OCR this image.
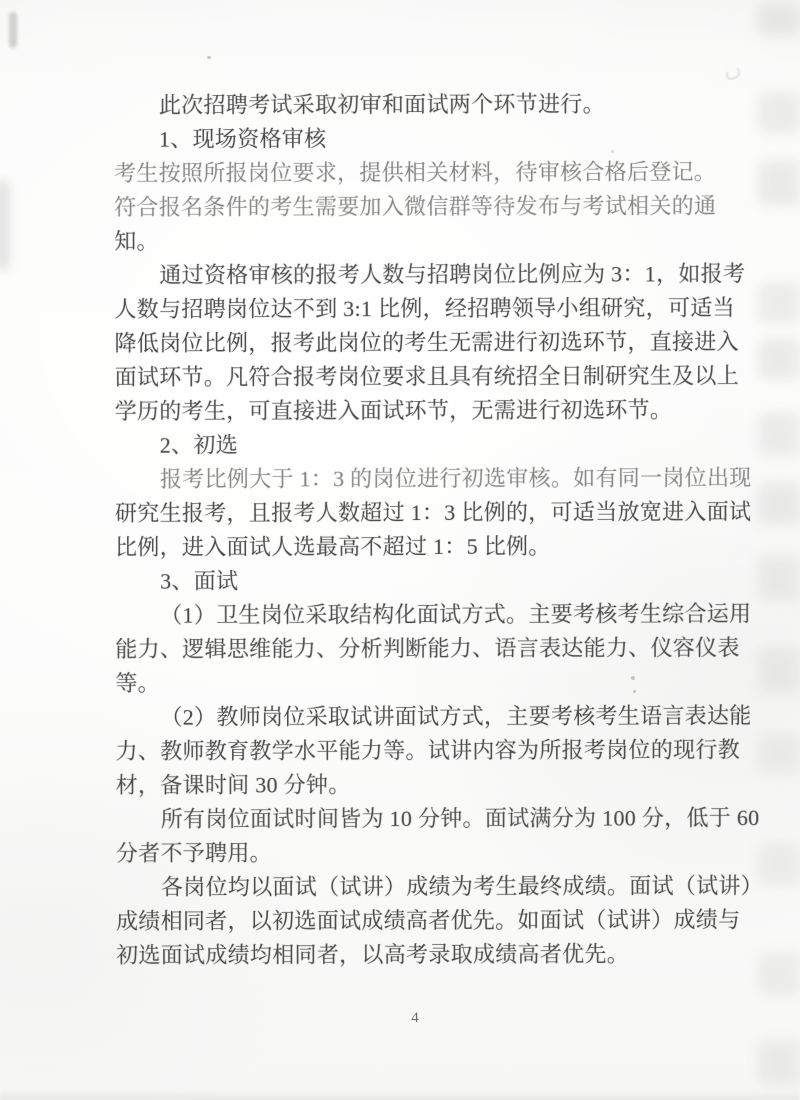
此次招聘考试采取初审和面试两个环节进行。
1、现场资格审核
考生按照所报岗位要求，提供相关材料，待审核合格后登记。
符合报名条件的考生需要加入微信群等待发布与考试相关的通
知。
通过资格审核的报考人数与招聘岗位比例应为 3：1，如报考
人数与招聘岗位达不到 3:1 比例，经招聘领导小组研究，可适当
降低岗位比例，报考此岗位的考生无需进行初选环节，直接进入
面试环节。凡符合报考岗位要求且具有统招全日制研究生及以上
学历的考生，可直接进入面试环节，无需进行初选环节。
2、初选
报考比例大于 1：3 的岗位进行初选审核。如有同一岗位出现
研究生报考，且报考人数超过 1：3 比例的，可适当放宽进入面试
比例，进入面试人选最高不超过 1：5 比例。
3、面试
（1）卫生岗位采取结构化面试方式。主要考核考生综合运用
能力、逻辑思维能力、分析判断能力、语言表达能力、仪容仪表
等。
（2）教师岗位采取试讲面试方式，主要考核考生语言表达能
力、教师教育教学水平能力等。试讲内容为所报考岗位的现行教
材，备课时间 30 分钟。
所有岗位面试时间皆为 10 分钟。面试满分为 100 分，低于 60
分者不予聘用。
各岗位均以面试（试讲）成绩为考生最终成绩。面试（试讲）
成绩相同者，以初选面试成绩高者优先。如面试（试讲）成绩与
初选面试成绩均相同者，以高考录取成绩高者优先。
4
